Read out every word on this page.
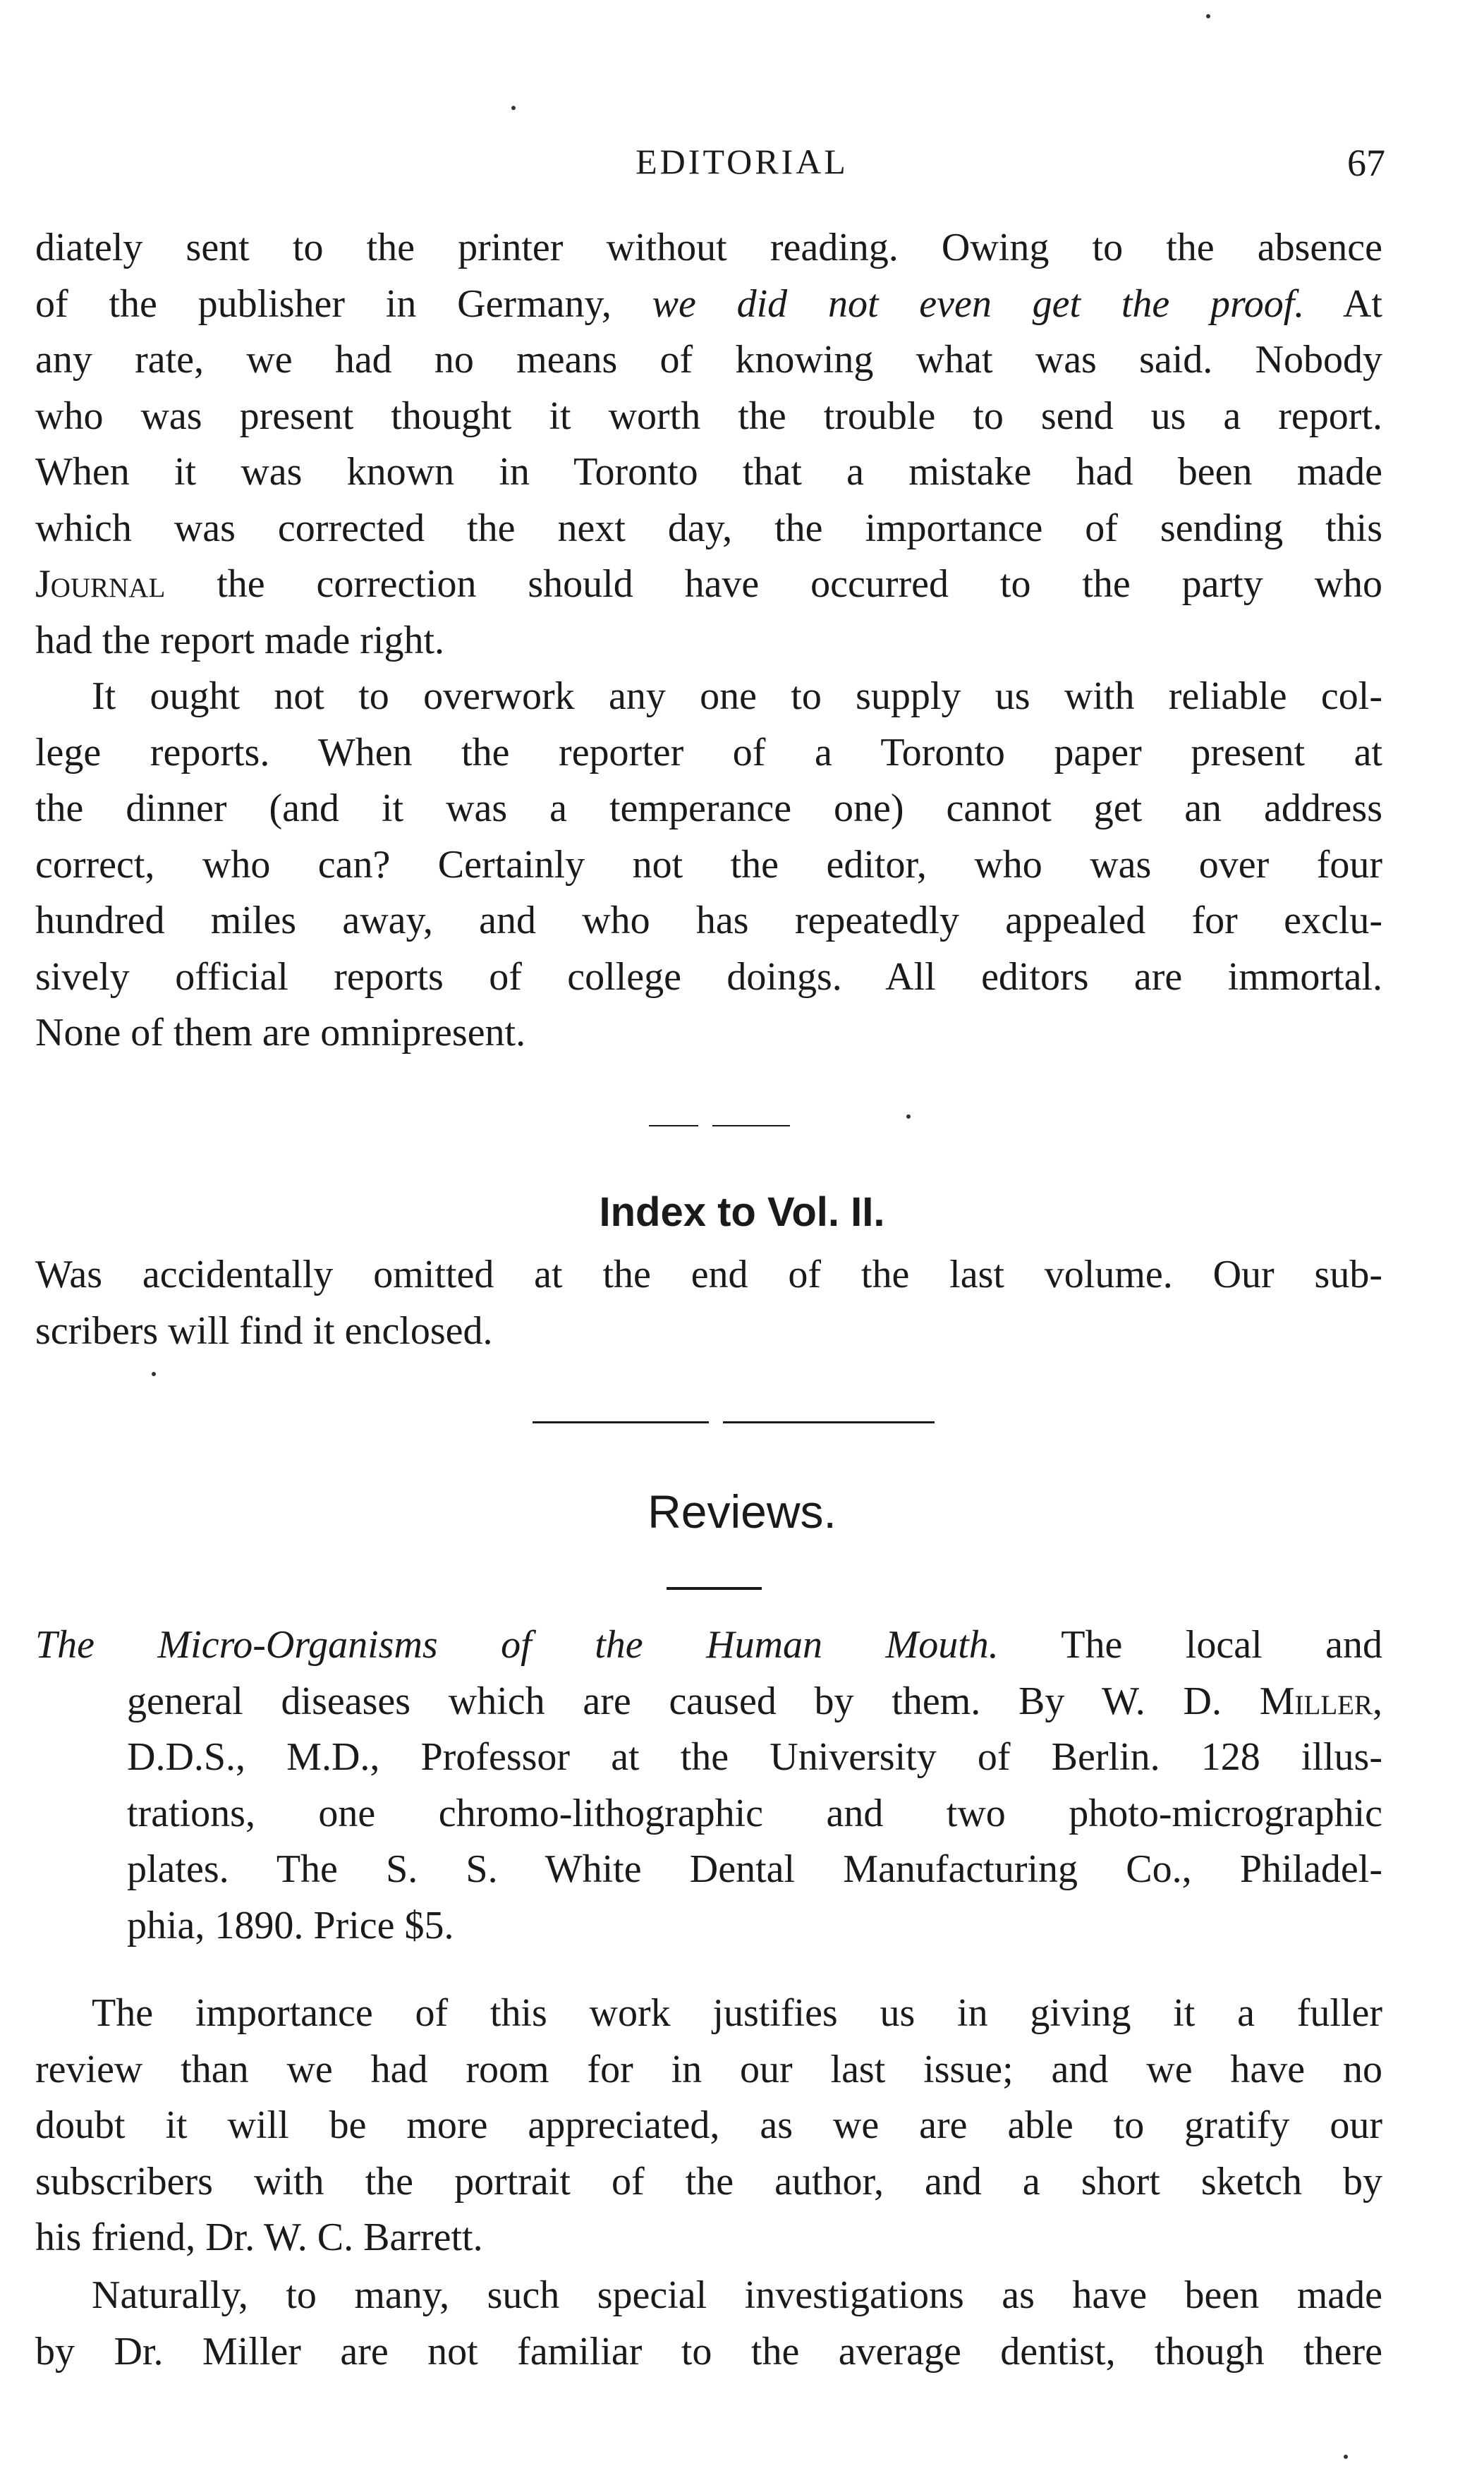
EDITORIAL	67
diately sent to the printer without reading. Owing to the absence
of the publisher in Germany, we did not even get the proof. At
any rate, we had no means of knowing what was said. Nobody
who was present thought it worth the trouble to send us a report.
When it was known in Toronto that a mistake had been made
which was corrected the next day, the importance of sending this
Journal the correction should have occurred to the party who
had the report made right.
It ought not to overwork any one to supply us with reliable col-
lege reports. When the reporter of a Toronto paper present at
the dinner (and it was a temperance one) cannot get an address
correct, who can? Certainly not the editor, who was over four
hundred miles away, and who has repeatedly appealed for exclu-
sively official reports of college doings. All editors are immortal.
None of them are omnipresent.
Index to Vol. II.
Was accidentally omitted at the end of the last volume. Our sub-
scribers will find it enclosed.
Reviews.
The Micro-Organisms of the Human Mouth. The local and
general diseases which are caused by them. By W. D. Miller,
D.D.S., M.D., Professor at the University of Berlin. 128 illus-
trations, one chromo-lithographic and two photo-micrographic
plates. The S. S. White Dental Manufacturing Co., Philadel-
phia, 1890. Price $5.
The importance of this work justifies us in giving it a fuller
review than we had room for in our last issue; and we have no
doubt it will be more appreciated, as we are able to gratify our
subscribers with the portrait of the author, and a short sketch by
his friend, Dr. W. C. Barrett.
Naturally, to many, such special investigations as have been made
by Dr. Miller are not familiar to the average dentist, though there
